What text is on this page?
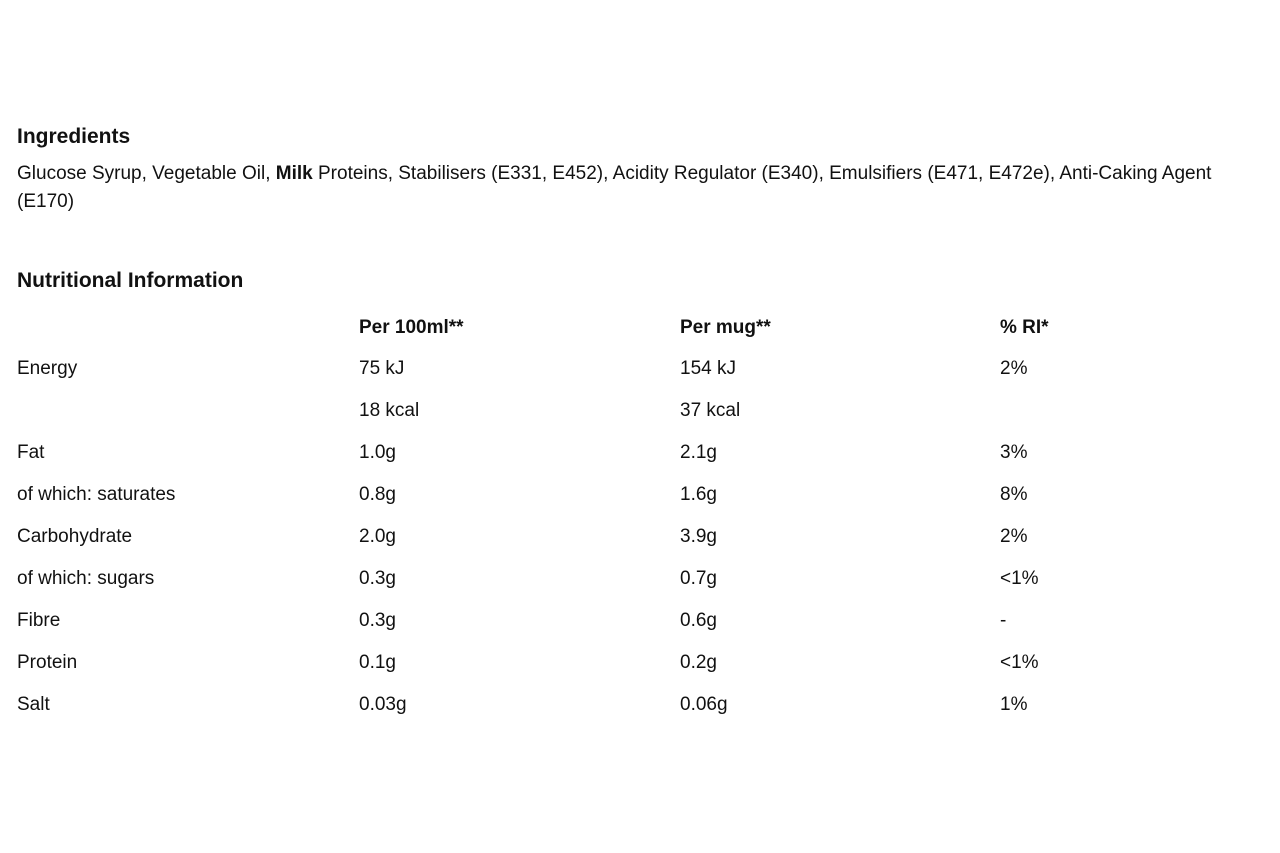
Ingredients

Glucose Syrup, Vegetable Oil, Milk Proteins, Stabilisers (E331, E452), Acidity Regulator (E340), Emulsifiers (E471, E472e), Anti-Caking Agent (E170)

Nutritional Information
	Per 100ml**	Per mug**	% RI*
Energy	75 kJ	154 kJ	2%
	18 kcal	37 kcal	
Fat	1.0g	2.1g	3%
of which: saturates	0.8g	1.6g	8%
Carbohydrate	2.0g	3.9g	2%
of which: sugars	0.3g	0.7g	<1%
Fibre	0.3g	0.6g	-
Protein	0.1g	0.2g	<1%
Salt	0.03g	0.06g	1%
